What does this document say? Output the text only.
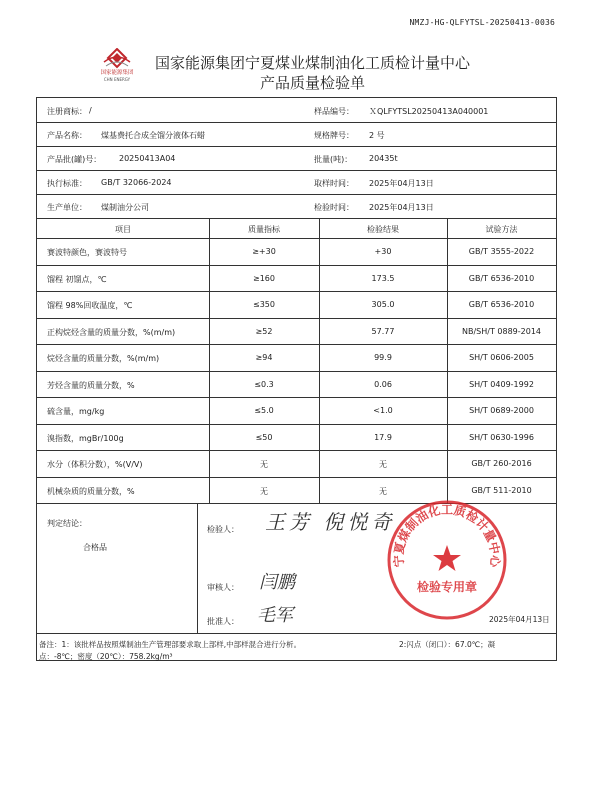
NMZJ-HG-QLFYTSL-20250413-0036
国家能源集团
CHN ENERGY
国家能源集团宁夏煤业煤制油化工质检计量中心
产品质量检验单
注册商标： /	样品编号： ＸQLFYTSL20250413A040001
产品名称： 煤基费托合成全馏分液体石蜡	规格牌号： 2 号
产品批(罐)号： 20250413A04	批量(吨)： 20435t
执行标准： GB/T 32066-2024	取样时间： 2025年04月13日
生产单位： 煤制油分公司	检验时间： 2025年04月13日
判定结论：
合格品
检验人：
审核人：
批准人：
王芳 倪悦奇
闫鹏
毛军	2025年04月13日
备注：1：该批样品按照煤制油生产管理部要求取上部样,中部样混合进行分析。	2:闪点（闭口）：67.0℃；凝
点：-8℃；密度（20℃）：758.2kg/m³
项目	质量指标	检验结果	试验方法
赛波特颜色，赛波特号	≥+30	+30	GB/T 3555-2022
馏程 初馏点，℃	≥160	173.5	GB/T 6536-2010
馏程 98%回收温度，℃	≤350	305.0	GB/T 6536-2010
正构烷烃含量的质量分数，%(m/m)	≥52	57.77	NB/SH/T 0889-2014
烷烃含量的质量分数，%(m/m)	≥94	99.9	SH/T 0606-2005
芳烃含量的质量分数，%	≤0.3	0.06	SH/T 0409-1992
硫含量，mg/kg	≤5.0	<1.0	SH/T 0689-2000
溴指数，mgBr/100g	≤50	17.9	SH/T 0630-1996
水分（体积分数），%(V/V)	无	无	GB/T 260-2016
机械杂质的质量分数，%	无	无	GB/T 511-2010
宁夏煤制油化工质检计量中心
检验专用章
